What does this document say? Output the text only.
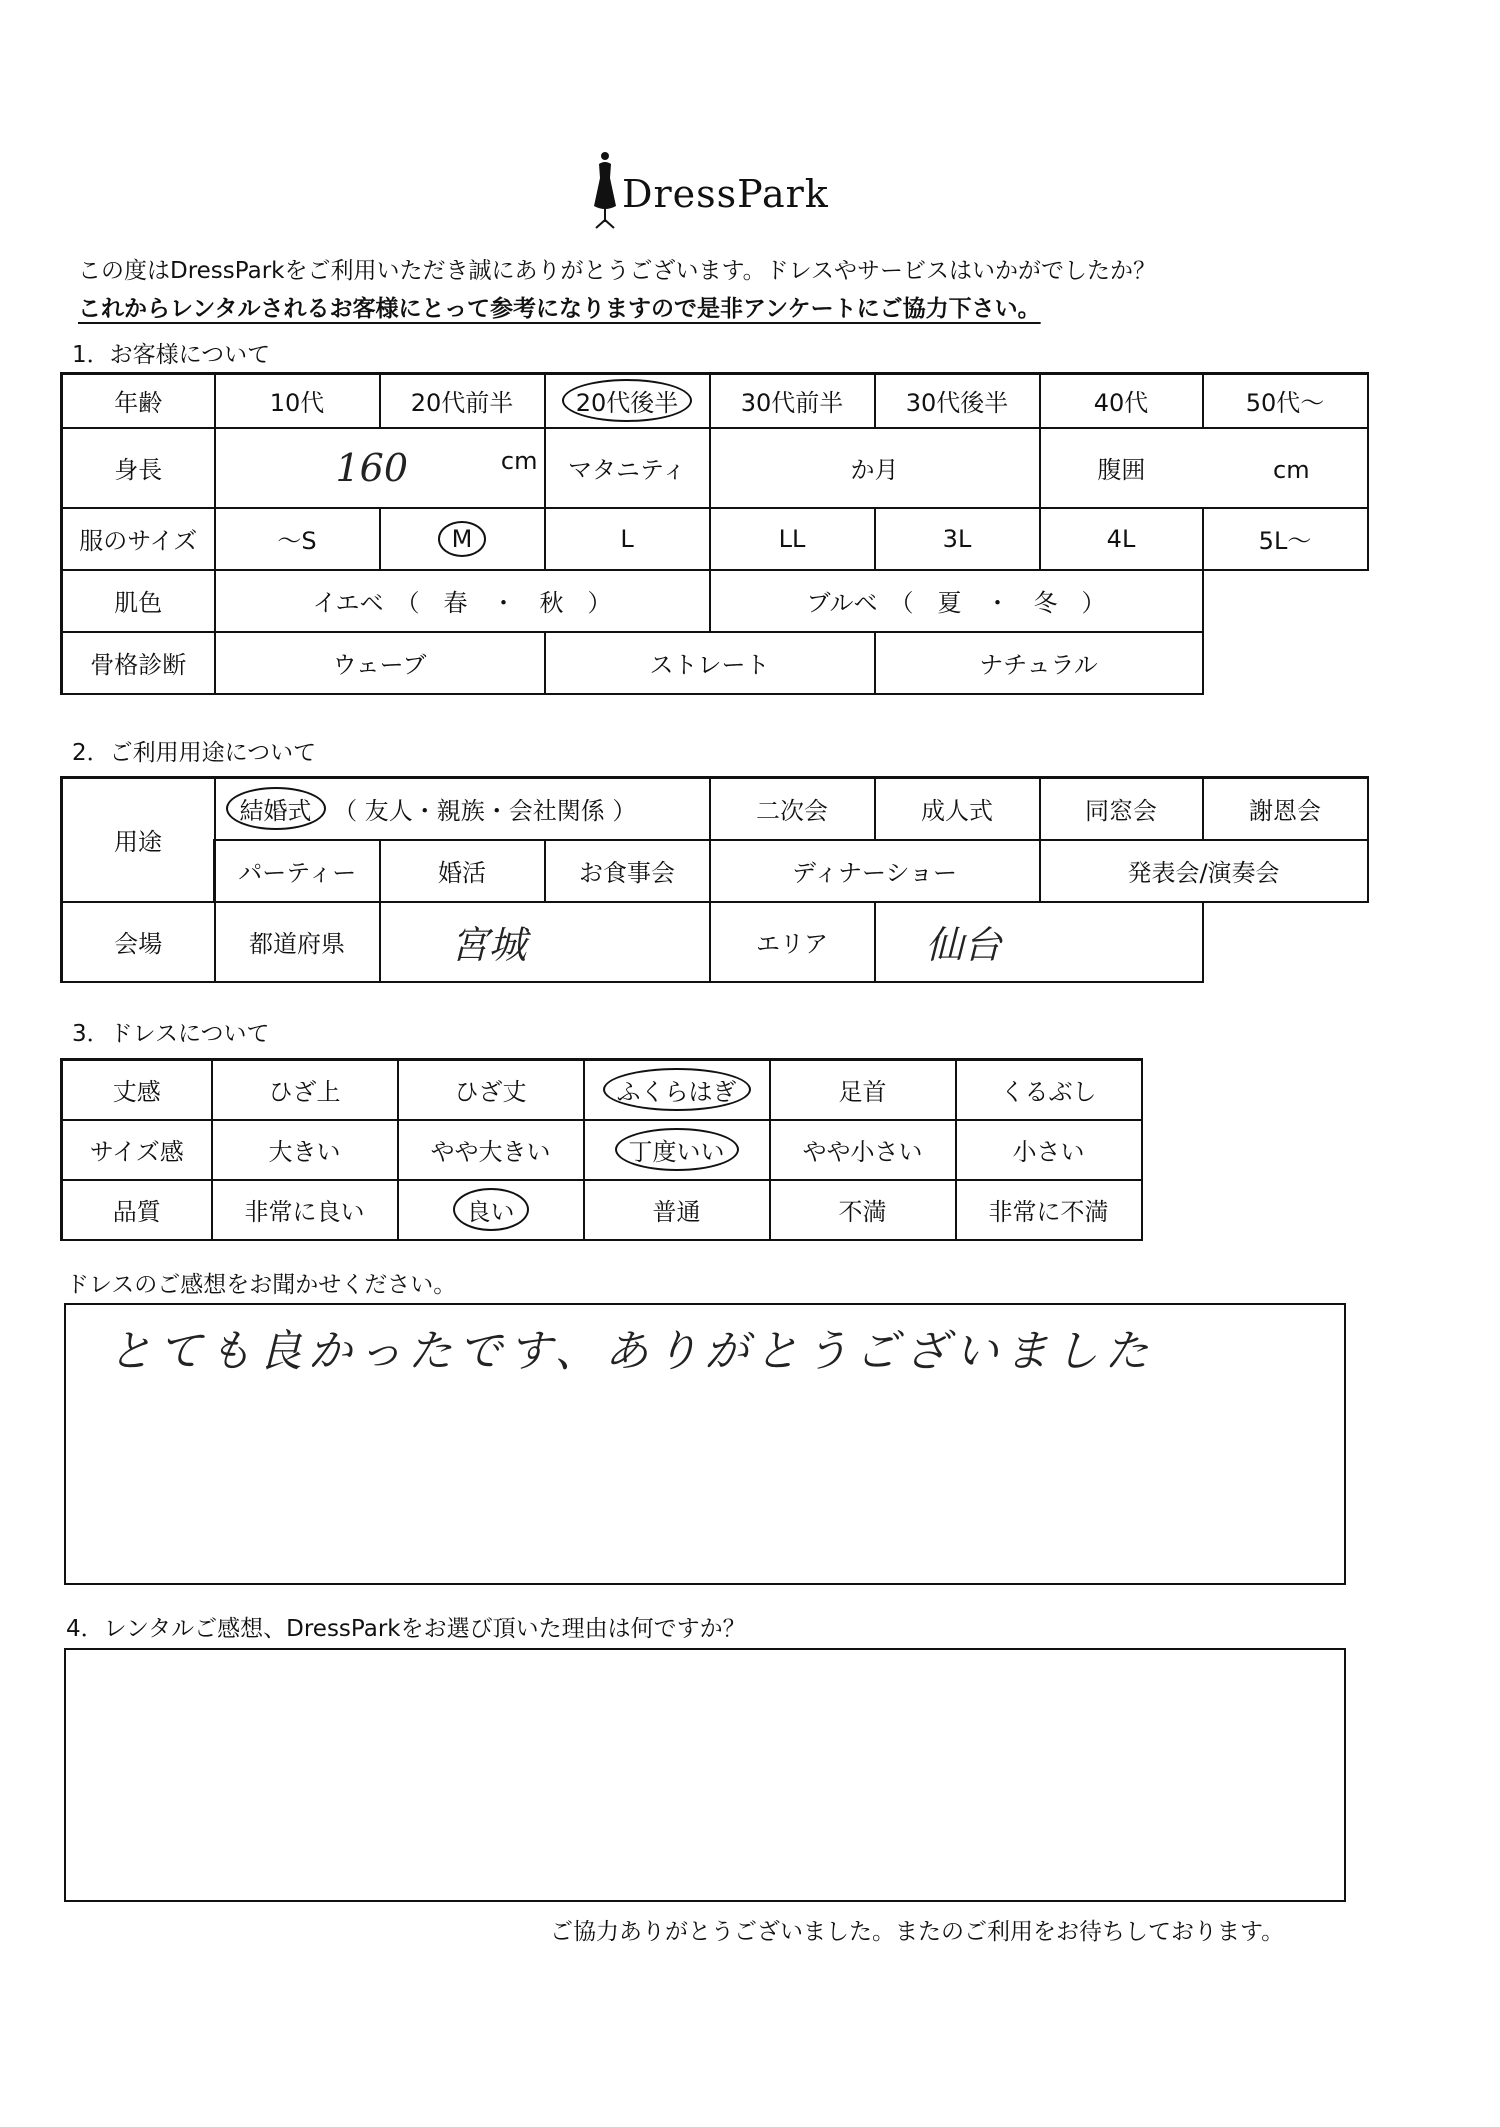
DressPark
この度はDressParkをご利用いただき誠にありがとうございます。ドレスやサービスはいかがでしたか？
これからレンタルされるお客様にとって参考になりますので是非アンケートにご協力下さい。
1．お客様について
年齢	10代	20代前半	20代後半	30代前半	30代後半	40代	50代～
身長	160 cm		マタニティ	か月		腹囲 cm	
服のサイズ	～S	M	L	LL	3L	4L	5L～
肌色	イエベ　（　春　・　秋　）			ブルベ　（　夏　・　冬　）			
骨格診断	ウェーブ		ストレート		ナチュラル		
2．ご利用用途について
用途	結婚式 （ 友人・親族・会社関係 ）			二次会	成人式	同窓会	謝恩会
	パーティー	婚活	お食事会	ディナーショー		発表会/演奏会	
会場	都道府県	宮城		エリア	仙台		
3．ドレスについて
丈感	ひざ上	ひざ丈	ふくらはぎ	足首	くるぶし
サイズ感	大きい	やや大きい	丁度いい	やや小さい	小さい
品質	非常に良い	良い	普通	不満	非常に不満
ドレスのご感想をお聞かせください。
とても良かったです、ありがとうございました
4．レンタルご感想、DressParkをお選び頂いた理由は何ですか？
ご協力ありがとうございました。またのご利用をお待ちしております。
